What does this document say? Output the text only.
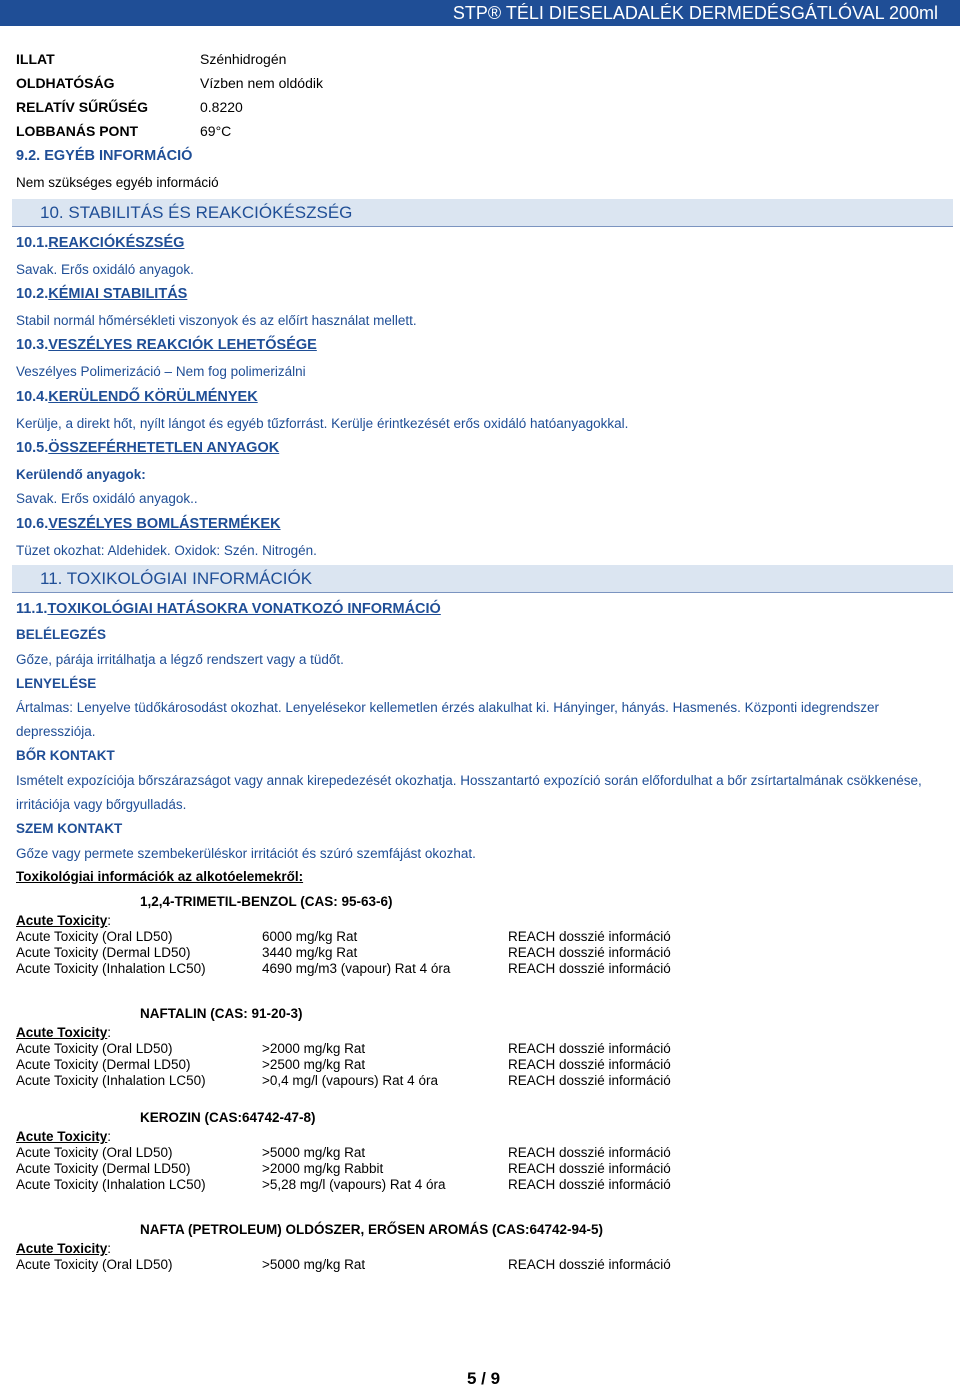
STP® TÉLI DIESELADALÉK DERMEDÉSGÁTLÓVAL 200ml
ILLAT	Szénhidrogén
OLDHATÓSÁG	Vízben nem oldódik
RELATÍV SŰRŰSÉG	0.8220
LOBBANÁS PONT	69°C
9.2. EGYÉB INFORMÁCIÓ
Nem szükséges egyéb információ
10. STABILITÁS ÉS REAKCIÓKÉSZSÉG
10.1.REAKCIÓKÉSZSÉG
Savak. Erős oxidáló anyagok.
10.2.KÉMIAI STABILITÁS
Stabil normál hőmérsékleti viszonyok és az előírt használat mellett.
10.3.VESZÉLYES REAKCIÓK LEHETŐSÉGE
Veszélyes Polimerizáció – Nem fog polimerizálni
10.4.KERÜLENDŐ KÖRÜLMÉNYEK
Kerülje, a direkt hőt, nyílt lángot és egyéb tűzforrást. Kerülje érintkezését erős oxidáló hatóanyagokkal.
10.5.ÖSSZEFÉRHETETLEN ANYAGOK
Kerülendő anyagok:
Savak. Erős oxidáló anyagok..
10.6.VESZÉLYES BOMLÁSTERMÉKEK
Tüzet okozhat: Aldehidek. Oxidok: Szén. Nitrogén.
11. TOXIKOLÓGIAI INFORMÁCIÓK
11.1.TOXIKOLÓGIAI HATÁSOKRA VONATKOZÓ INFORMÁCIÓ
BELÉLEGZÉS
Gőze, párája irritálhatja a légző rendszert vagy a tüdőt.
LENYELÉSE
Ártalmas: Lenyelve tüdőkárosodást okozhat. Lenyelésekor kellemetlen érzés alakulhat ki. Hányinger, hányás. Hasmenés. Központi idegrendszer
depressziója.
BŐR KONTAKT
Ismételt expozíciója bőrszárazságot vagy annak kirepedezését okozhatja. Hosszantartó expozíció során előfordulhat a bőr zsírtartalmának csökkenése,
irritációja vagy bőrgyulladás.
SZEM KONTAKT
Gőze vagy permete szembekerüléskor irritációt és szúró szemfájást okozhat.
Toxikológiai információk az alkotóelemekről:
1,2,4-TRIMETIL-BENZOL (CAS: 95-63-6)
Acute Toxicity:
Acute Toxicity (Oral LD50)	6000 mg/kg Rat	REACH dosszié információ
Acute Toxicity (Dermal LD50)	3440 mg/kg Rat	REACH dosszié információ
Acute Toxicity (Inhalation LC50)	4690 mg/m3 (vapour) Rat 4 óra	REACH dosszié információ
NAFTALIN (CAS: 91-20-3)
Acute Toxicity:
Acute Toxicity (Oral LD50)	>2000 mg/kg Rat	REACH dosszié információ
Acute Toxicity (Dermal LD50)	>2500 mg/kg Rat	REACH dosszié információ
Acute Toxicity (Inhalation LC50)	>0,4 mg/l (vapours) Rat 4 óra	REACH dosszié információ
KEROZIN (CAS:64742-47-8)
Acute Toxicity:
Acute Toxicity (Oral LD50)	>5000 mg/kg Rat	REACH dosszié információ
Acute Toxicity (Dermal LD50)	>2000 mg/kg Rabbit	REACH dosszié információ
Acute Toxicity (Inhalation LC50)	>5,28 mg/l (vapours) Rat 4 óra	REACH dosszié információ
NAFTA (PETROLEUM) OLDÓSZER, ERŐSEN AROMÁS (CAS:64742-94-5)
Acute Toxicity:
Acute Toxicity (Oral LD50)	>5000 mg/kg Rat	REACH dosszié információ
5 / 9
